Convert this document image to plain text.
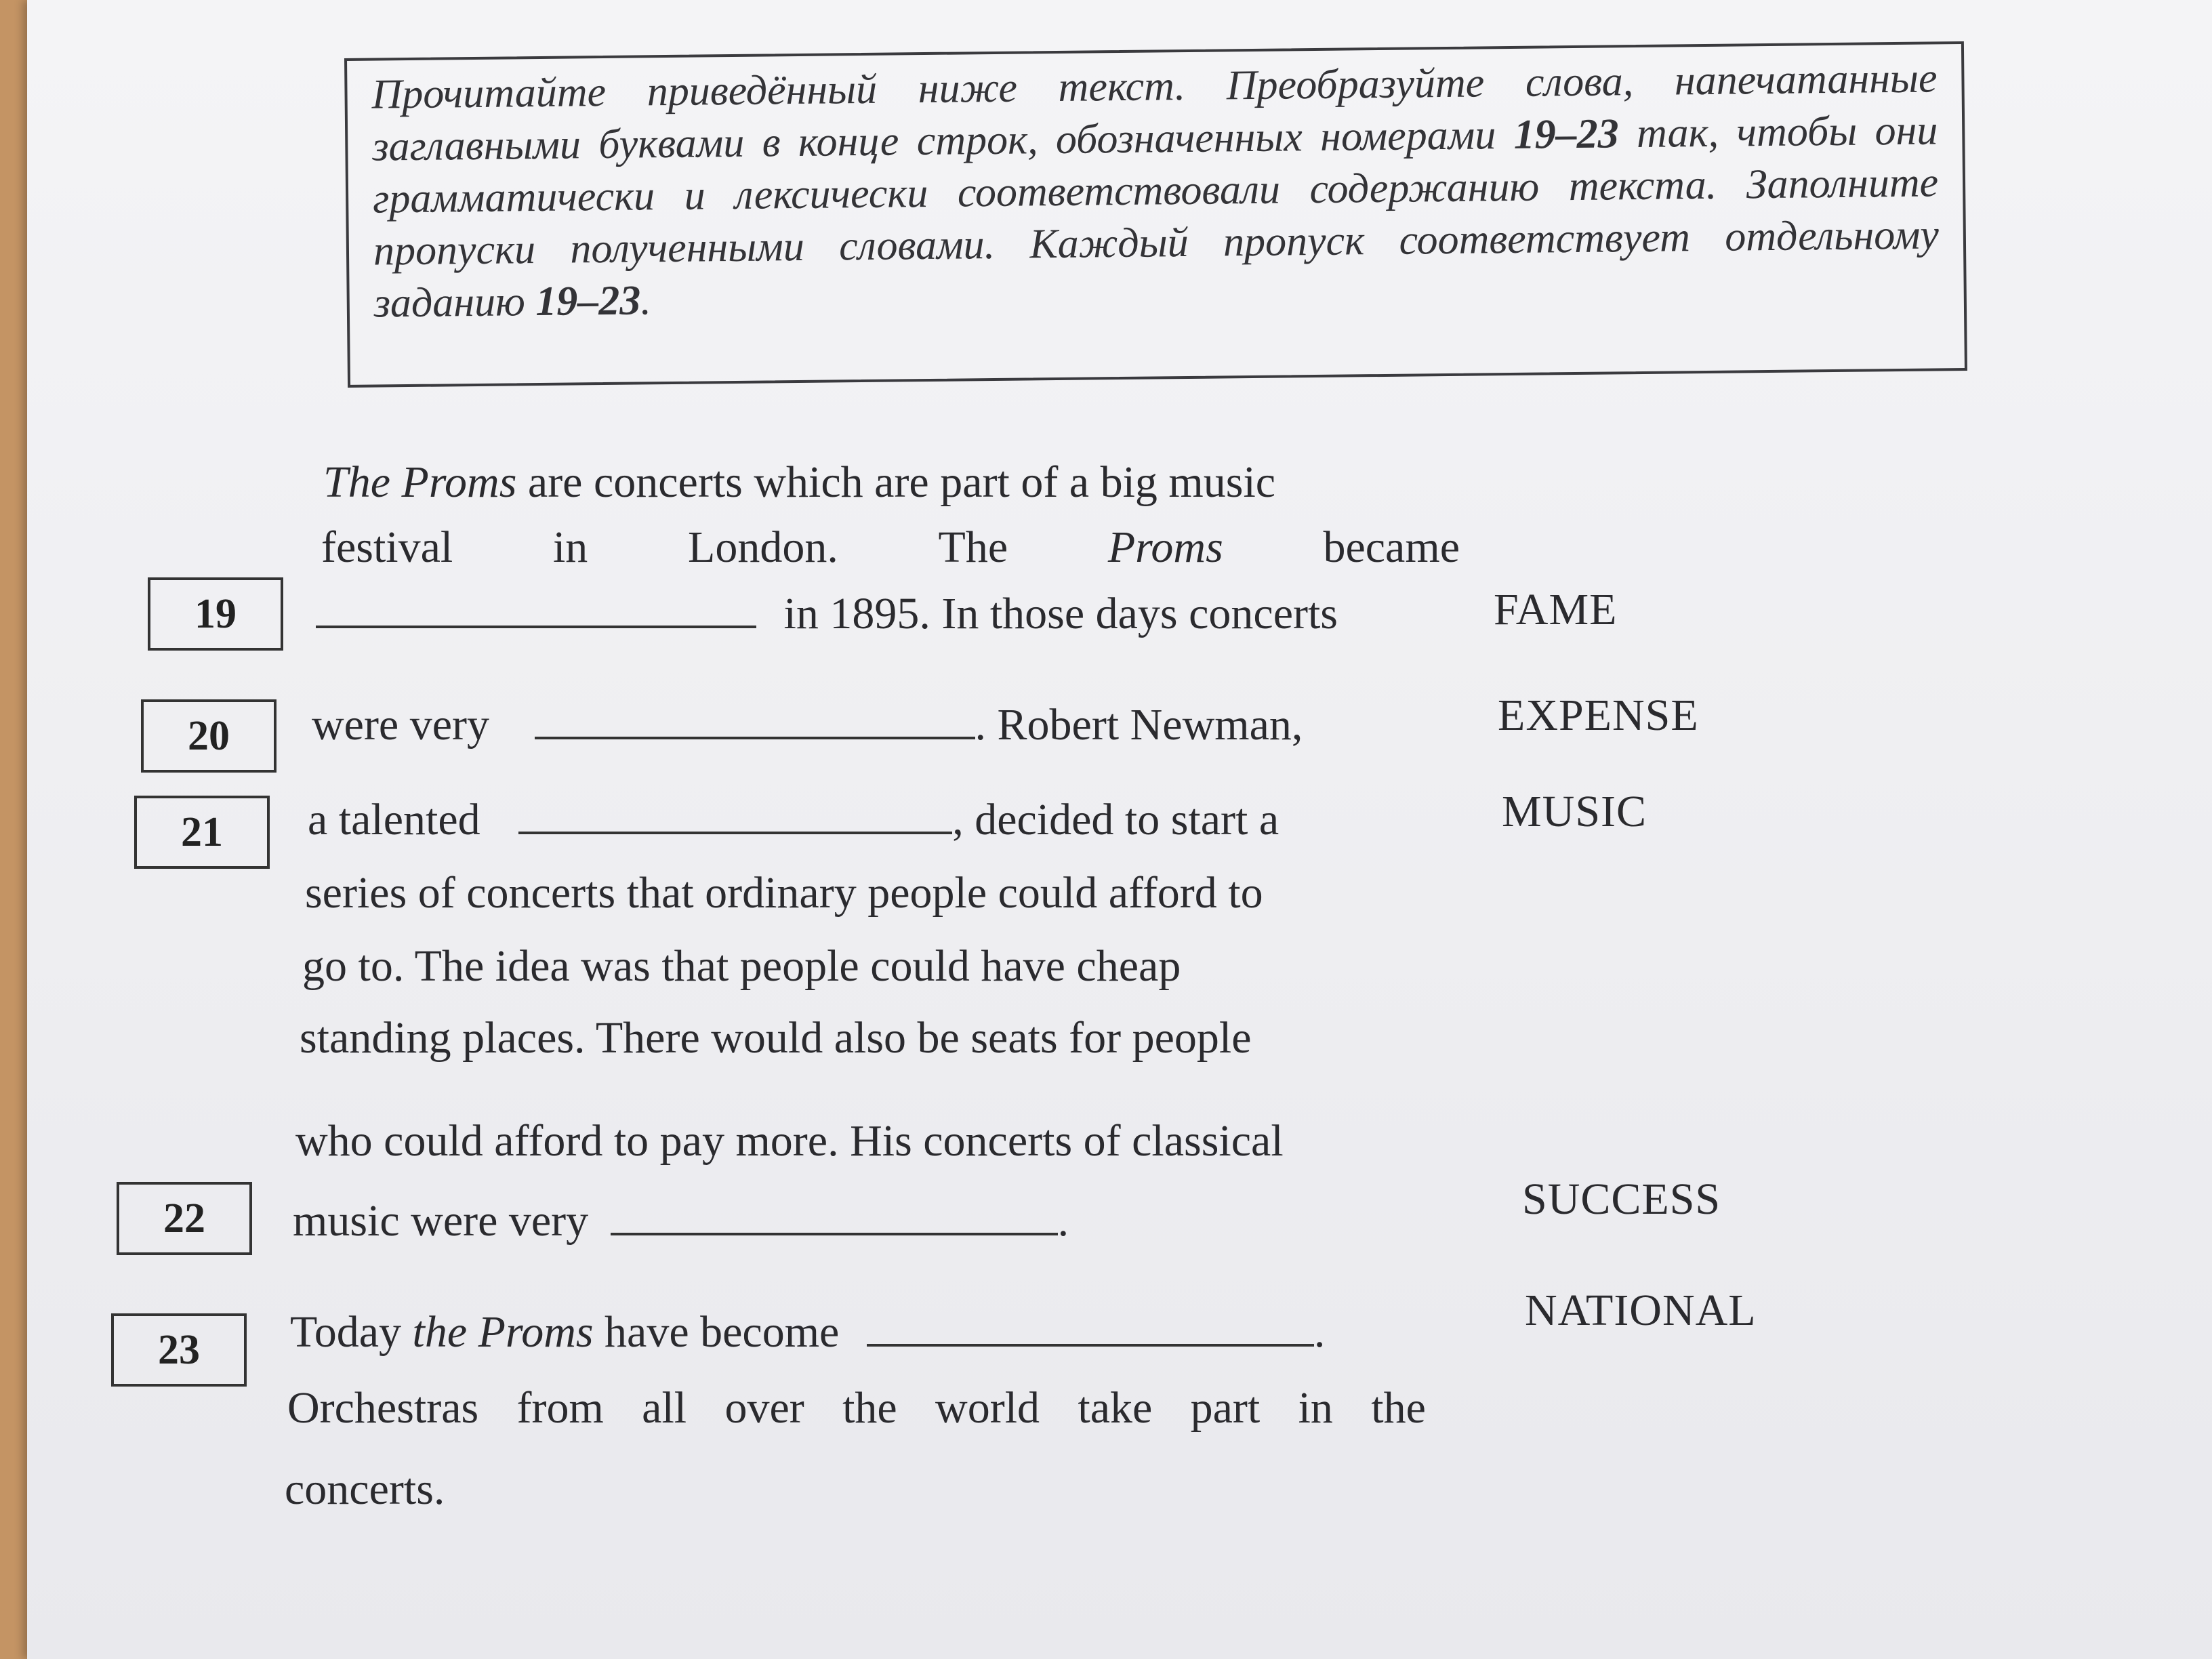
Прочитайте приведённый ниже текст. Преобразуйте слова, напечатанные заглавными буквами в конце строк, обозначенных номерами 19–23 так, чтобы они грамматически и лексически соответствовали содержанию текста. Заполните пропуски полученными словами. Каждый пропуск соответствует отдельному заданию 19–23.
The Proms are concerts which are part of a big music
festival in London. The Proms became
19	in 1895. In those days concerts	FAME
20	were very	. Robert Newman,	EXPENSE
21	a talented	, decided to start a	MUSIC
series of concerts that ordinary people could afford to
go to. The idea was that people could have cheap
standing places. There would also be seats for people
who could afford to pay more. His concerts of classical
22	music were very	.	SUCCESS
23	Today the Proms have become	.	NATIONAL
Orchestras from all over the world take part in the
concerts.
